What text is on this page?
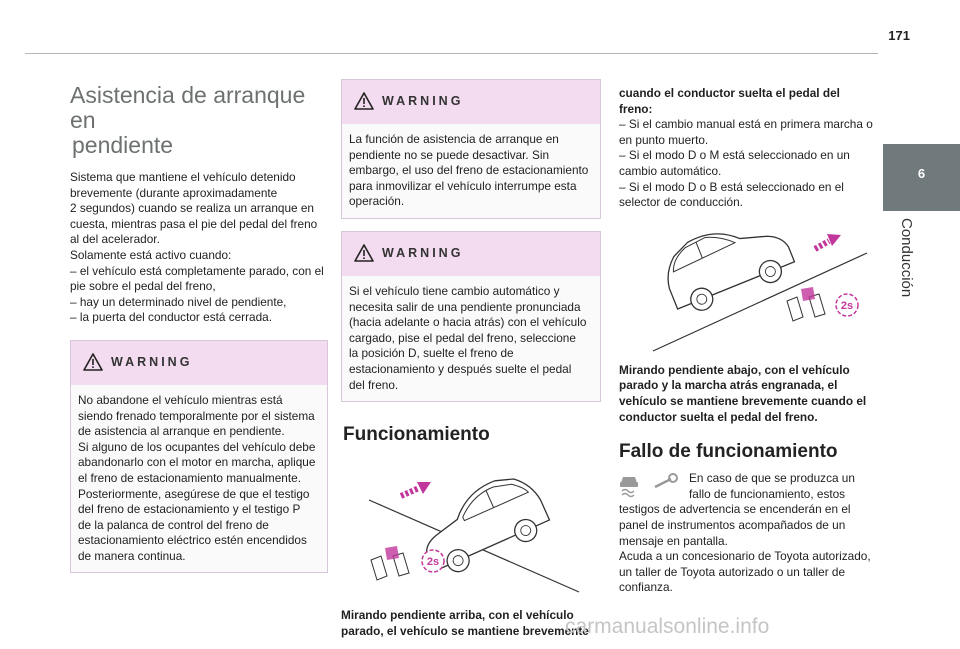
171
6
Conducción
Asistencia de arranque en
pendiente
Sistema que mantiene el vehículo detenido
brevemente (durante aproximadamente
2 segundos) cuando se realiza un arranque en
cuesta, mientras pasa el pie del pedal del freno
al del acelerador.
Solamente está activo cuando:
– el vehículo está completamente parado, con el
pie sobre el pedal del freno,
– hay un determinado nivel de pendiente,
– la puerta del conductor está cerrada.
WARNING
No abandone el vehículo mientras está
siendo frenado temporalmente por el sistema
de asistencia al arranque en pendiente.
Si alguno de los ocupantes del vehículo debe
abandonarlo con el motor en marcha, aplique
el freno de estacionamiento manualmente.
Posteriormente, asegúrese de que el testigo
del freno de estacionamiento y el testigo P
de la palanca de control del freno de
estacionamiento eléctrico estén encendidos
de manera continua.
WARNING
La función de asistencia de arranque en
pendiente no se puede desactivar. Sin
embargo, el uso del freno de estacionamiento
para inmovilizar el vehículo interrumpe esta
operación.
WARNING
Si el vehículo tiene cambio automático y
necesita salir de una pendiente pronunciada
(hacia adelante o hacia atrás) con el vehículo
cargado, pise el pedal del freno, seleccione
la posición D, suelte el freno de
estacionamiento y después suelte el pedal
del freno.
Funcionamiento
2s
Mirando pendiente arriba, con el vehículo
parado, el vehículo se mantiene brevemente
cuando el conductor suelta el pedal del
freno:
– Si el cambio manual está en primera marcha o
en punto muerto.
– Si el modo D o M está seleccionado en un
cambio automático.
– Si el modo D o B está seleccionado en el
selector de conducción.
2s
Mirando pendiente abajo, con el vehículo
parado y la marcha atrás engranada, el
vehículo se mantiene brevemente cuando el
conductor suelta el pedal del freno.
Fallo de funcionamiento
En caso de que se produzca un
fallo de funcionamiento, estos
testigos de advertencia se encenderán en el
panel de instrumentos acompañados de un
mensaje en pantalla.
Acuda a un concesionario de Toyota autorizado,
un taller de Toyota autorizado o un taller de
confianza.
carmanualsonline.info
